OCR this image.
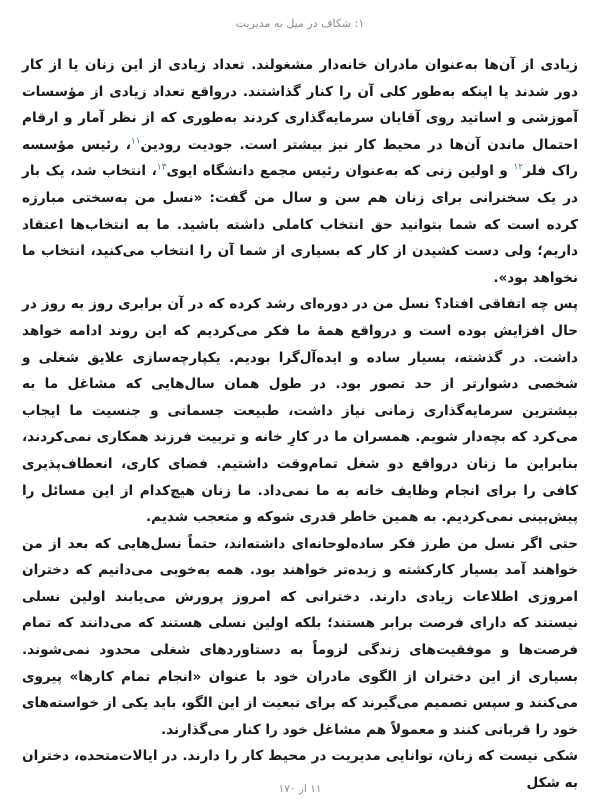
۱: شکاف در میل به مدیریت

زیادی از آن‌ها به‌عنوان مادران خانه‌دار مشغولند. تعداد زیادی از این زنان یا از کار دور شدند یا اینکه به‌طور کلی آن را کنار گذاشتند. درواقع تعداد زیادی از مؤسسات آموزشی و اساتید روی آقایان سرمایه‌گذاری کردند به‌طوری که از نظر آمار و ارقام احتمال ماندن آن‌ها در محیط کار نیز بیشتر است. جودیت رودین$^{۱۱}$، رئیس مؤسسه راک فلر$^{۱۲}$ و اولین زنی که به‌عنوان رئیس مجمع دانشگاه ایوی$^{۱۳}$، انتخاب شد، یک بار در یک سخنرانی برای زنان هم سن و سال من گفت: «نسل من به‌سختی مبارزه کرده است که شما بتوانید حق انتخاب کاملی داشته باشید. ما به انتخاب‌ها اعتقاد داریم؛ ولی دست کشیدن از کار که بسیاری از شما آن را انتخاب می‌کنید، انتخاب ما نخواهد بود».

پس چه اتفاقی افتاد؟ نسل من در دوره‌ای رشد کرده که در آن برابری روز به روز در حال افزایش بوده است و درواقع همهٔ ما فکر می‌کردیم که این روند ادامه خواهد داشت. در گذشته، بسیار ساده و ایده‌آل‌گرا بودیم. یکپارچه‌سازی علایق شغلی و شخصی دشوارتر از حد تصور بود. در طول همان سال‌هایی که مشاغل ما به بیشترین سرمایه‌گذاری زمانی نیاز داشت، طبیعت جسمانی و جنسیت ما ایجاب می‌کرد که بچه‌دار شویم. همسران ما در کارِ خانه و تربیت فرزند همکاری نمی‌کردند، بنابراین ما زنان درواقع دو شغل تمام‌وقت داشتیم. فضای کاری، انعطاف‌پذیری کافی را برای انجام وظایف خانه به ما نمی‌داد. ما زنان هیچ‌کدام از این مسائل را پیش‌بینی نمی‌کردیم. به همین خاطر قدری شوکه و متعجب شدیم.

حتی اگر نسل من طرز فکر ساده‌لوحانه‌ای داشته‌اند، حتماً نسل‌هایی که بعد از من خواهند آمد بسیار کارکشته و زبده‌تر خواهند بود. همه به‌خوبی می‌دانیم که دختران امروزی اطلاعات زیادی دارند. دخترانی که امروز پرورش می‌یابند اولین نسلی نیستند که دارای فرصت برابر هستند؛ بلکه اولین نسلی هستند که می‌دانند که تمام فرصت‌ها و موفقیت‌های زندگی لزوماً به دستاوردهای شغلی محدود نمی‌شوند. بسیاری از این دختران از الگوی مادران خود با عنوان «انجام تمام کارها» پیروی می‌کنند و سپس تصمیم می‌گیرند که برای تبعیت از این الگو، باید یکی از خواسته‌های خود را قربانی کنند و معمولاً هم مشاغل خود را کنار می‌گذارند.

شکی نیست که زنان، توانایی مدیریت در محیط کار را دارند. در ایالات‌متحده، دختران به شکل

۱۱ از ۱۷۰
